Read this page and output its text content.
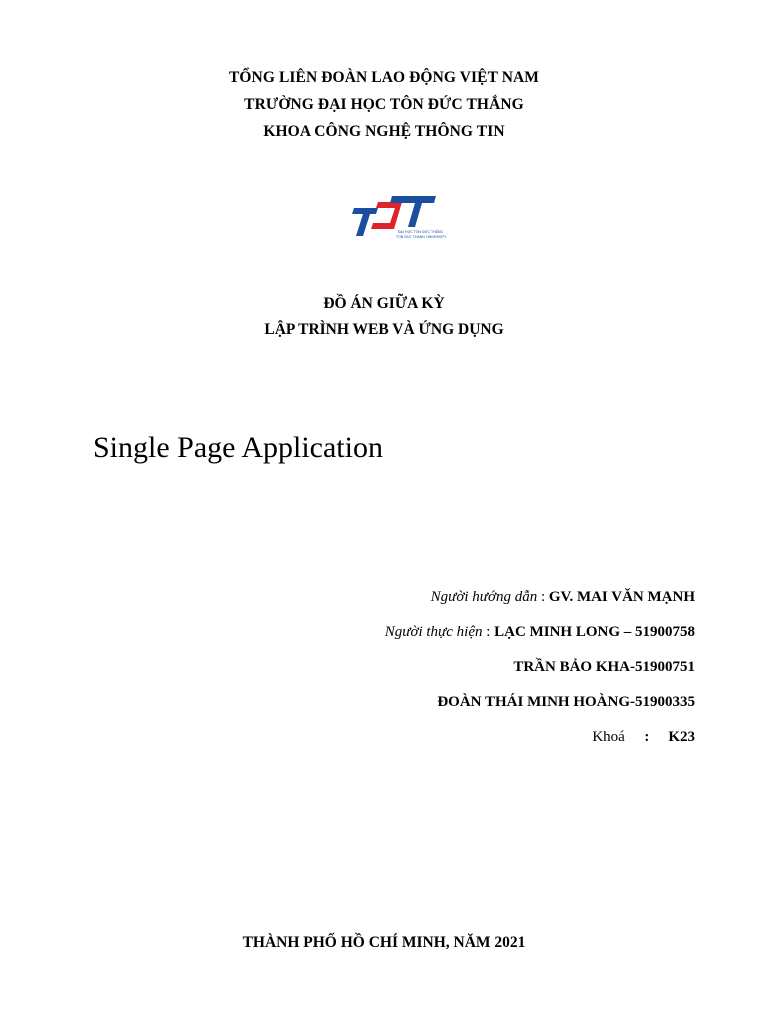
TỔNG LIÊN ĐOÀN LAO ĐỘNG VIỆT NAM
TRƯỜNG ĐẠI HỌC TÔN ĐỨC THẮNG
KHOA CÔNG NGHỆ THÔNG TIN
ĐẠI HỌC TÔN ĐỨC THẮNG
TON DUC THANG UNIVERSITY
ĐỒ ÁN GIỮA KỲ
LẬP TRÌNH WEB VÀ ỨNG DỤNG
Single Page Application
Người hướng dẫn : GV. MAI VĂN MẠNH
Người thực hiện : LẠC MINH LONG – 51900758
TRẦN BẢO KHA-51900751
ĐOÀN THÁI MINH HOÀNG-51900335
Khoá : K23
THÀNH PHỐ HỒ CHÍ MINH, NĂM 2021
